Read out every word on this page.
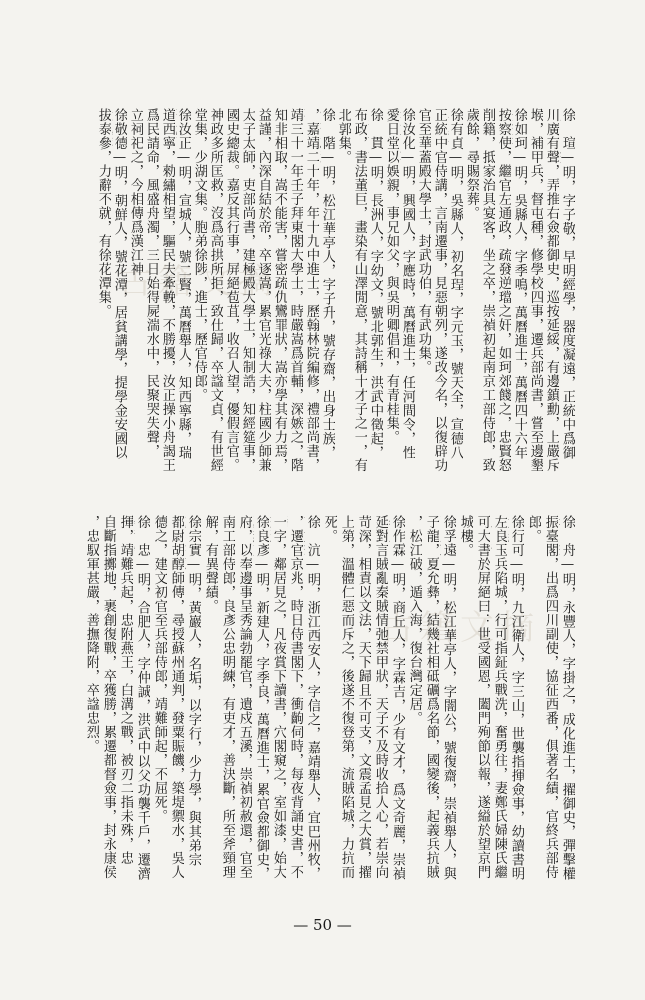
古籍文摘
古籍文摘
徐　瑄—明，字子敬，早明經學，器度凝遠，正統中爲御
川廣有聲，弄推右僉都御史，巡按延綏，有邊鎮勳，上嚴斥
堠，補甲兵，督屯種，修學校四事，遷兵部尚書，嘗至邊墾
徐如珂—明，吳縣人，字季鳴，萬曆進士，萬曆四十六年
按察使，繼官左通政，疏發逆璫之奸，如珂郊餞之，忠賢怒
削籍，抵家治具宴客，坐之卒，崇禎初起南京工部侍郎，致
歲餘，尋賜祭葬。
徐有貞—明，吳縣人，初名珵，字元玉，號天全，宣德八
正統中官侍講，言南遷事，見惡朝列，遂改今名，以復辟功
官至華蓋殿大學士，封武功伯，有武功集。
徐汝化—明，興國人，字應時，萬曆進士，任河間令，性
愛日堂以娛親，事兄如父，與吳明卿倡和，有青桂集。
徐　貫—明，長洲人，字幼文，號北郭生，洪武中徵起，
布政，書法董巨，畫染有山澤閒意，其詩稱十才子之一，有
北郭集。
徐　階—明，松江華亭人，字子升，號存齋，出身士族，
，嘉靖二十年，年十九中進士，歷翰林院編修，禮部尚書，
靖三十一年壬子拜東閣大學士，時嚴嵩爲首輔，深嫉之，階
知非相取，嵩不能害，嘗密疏仇鸞罪狀，嵩亦學其有力焉，
益謹，內深自結於帝，卒逐嵩，累官光祿大夫，柱國少師兼
太子太師，吏部尚書，建極殿大學士，知制誥，知經筵事，
國史總裁。嘉反其行事，屏絕苞苴，收召人望，優假言官。
神政多所匡救，沒爲高拱所拒，致仕歸，卒諡文貞，有世經
堂集，少湖文集。胞弟徐陟，進士，歷官侍郎。
徐汝正—明，宣城人，號二賢，萬曆舉人，知西寧縣，瑞
道西寧，勑繡相望，驅民夫牽輓，不勝擾，汝正操小舟謁王
爲民請命，風盛舟濁，三日始得屍湍水中，民聚哭失聲，
立祠祀之，今相傳爲漢江神。
徐敬德—明，朝鮮人，號花潭，居貧講學，提學金安國以
拔泰參，力辭不就，有徐花潭集。
徐　舟—明，永豐人，字掛之，成化進士，擢御史，彈擊權
振臺閣，出爲四川副使，協征西番，俱著名績，官終兵部侍
郎。
徐行可—明，九江衛人，字三山，世襲指揮僉事，幼讀書明
左良玉兵陷城，行可指鉦兵戰洗，奮勇往，妻鄭氏婦陳氏繼
可大書於屏絕曰：世受國恩，闔門殉節以報，遂縊於望京門
城樓。
徐孚遠—明，松江華亭人，字闇公，號復齋，崇禎舉人，與
子龍，夏允彝，結幾社相砥礪爲名節，國變後，起義兵抗賊
，松江破，遁入海，復台灣定居。
徐作霖—明，商丘人，字霖吉，少有文才，爲文奇麗，崇禎
延對言賊亂秦賊情弛禁甲狀，天子不及時收拾人心，若崇向
苛深，相責以文法，天下歸且不可支，文震孟見之大賞，擢
上第，溫體仁惡而斥之，後遂不復登第，流賊陷城，力抗而
死。
徐　沆—明，浙江西安人，字信之，嘉靖舉人，宜巴州牧，
，遷官京兆，時日侍書閣下，衝齣伺時，每夜背誦史書，不
一字，鄰居見之，凡夜賞下讀書，穴閣窺之，室如漆，始大
徐良彥—明，新建人，字季良，萬曆進士，累官僉都御史，
府，以奉邊事呈秀論勃罷官，遺戍五溪，崇禎初赦還，官至
南工部侍郎，良彥公忠明練，有吏才，善決斷，所至斧頸理
解，有異聲績。
徐宗實—明，黃巖人，名垢，以字行，少力學，與其弟宗
都尉胡醇師傳，尋授蘇州通判，發粟賑饑，築堤禦水，吳人
德之，建文初官至兵部侍郎，靖難師起，不屈死。
徐　忠—明，合肥人，字仲誠，洪武中以父功襲千戶，遷濟
揮，靖難兵起，忠附燕王，白溝之戰，被刃二指未殊，忠
自斷指擲地，裹創復戰，卒獲勝，累遷都督僉事，封永康侯
，忠馭軍甚嚴，善撫降附，卒諡忠烈。
— 50 —
